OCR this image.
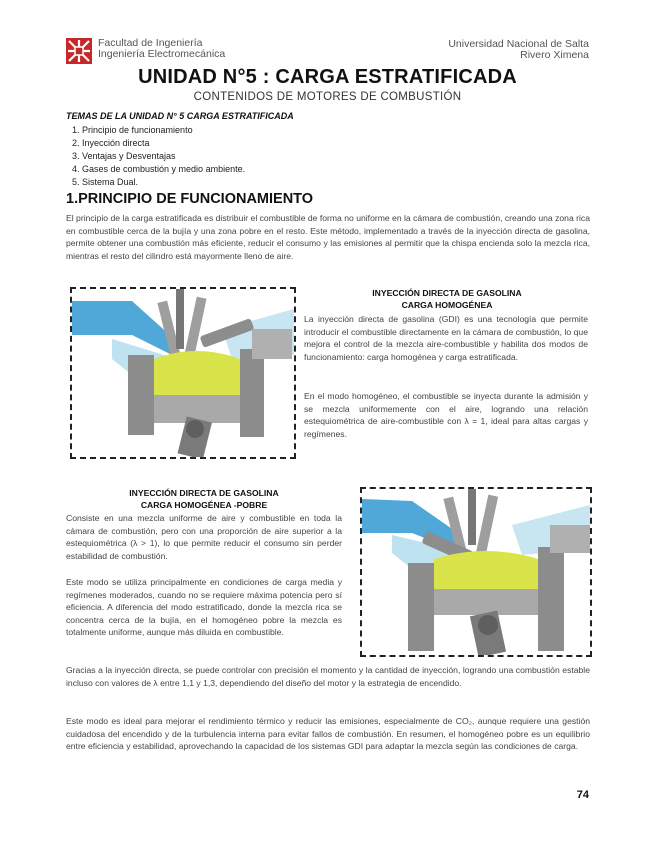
Facultad de Ingeniería
Ingeniería Electromecánica
Universidad Nacional de Salta
Rivero Ximena
UNIDAD N°5 : CARGA ESTRATIFICADA
CONTENIDOS DE MOTORES DE COMBUSTIÓN
TEMAS DE LA UNIDAD N° 5 CARGA ESTRATIFICADA
1. Principio de funcionamiento
2. Inyección directa
3. Ventajas y Desventajas
4. Gases de combustión y medio ambiente.
5. Sistema Dual.
1.PRINCIPIO DE FUNCIONAMIENTO
El principio de la carga estratificada es distribuir el combustible de forma no uniforme en la cámara de combustión, creando una zona rica en combustible cerca de la bujía y una zona pobre en el resto. Este método, implementado a través de la inyección directa de gasolina, permite obtener una combustión más eficiente, reducir el consumo y las emisiones al permitir que la chispa encienda solo la mezcla rica, mientras el resto del cilindro está mayormente lleno de aire.
INYECCIÓN DIRECTA DE GASOLINA
CARGA HOMOGÉNEA
La inyección directa de gasolina (GDI) es una tecnología que permite introducir el combustible directamente en la cámara de combustión, lo que mejora el control de la mezcla aire-combustible y habilita dos modos de funcionamiento: carga homogénea y carga estratificada.
En el modo homogéneo, el combustible se inyecta durante la admisión y se mezcla uniformemente con el aire, logrando una relación estequiométrica de aire-combustible con λ = 1, ideal para altas cargas y regímenes.
INYECCIÓN DIRECTA DE GASOLINA
CARGA HOMOGÉNEA -POBRE
Consiste en una mezcla uniforme de aire y combustible en toda la cámara de combustión, pero con una proporción de aire superior a la estequiométrica (λ > 1), lo que permite reducir el consumo sin perder estabilidad de combustión.
Este modo se utiliza principalmente en condiciones de carga media y regímenes moderados, cuando no se requiere máxima potencia pero sí eficiencia. A diferencia del modo estratificado, donde la mezcla rica se concentra cerca de la bujía, en el homogéneo pobre la mezcla es totalmente uniforme, aunque más diluida en combustible.
Gracias a la inyección directa, se puede controlar con precisión el momento y la cantidad de inyección, logrando una combustión estable incluso con valores de λ entre 1,1 y 1,3, dependiendo del diseño del motor y la estrategia de encendido.
Este modo es ideal para mejorar el rendimiento térmico y reducir las emisiones, especialmente de CO₂, aunque requiere una gestión cuidadosa del encendido y de la turbulencia interna para evitar fallos de combustión. En resumen, el homogéneo pobre es un equilibrio entre eficiencia y estabilidad, aprovechando la capacidad de los sistemas GDI para adaptar la mezcla según las condiciones de carga.
74
